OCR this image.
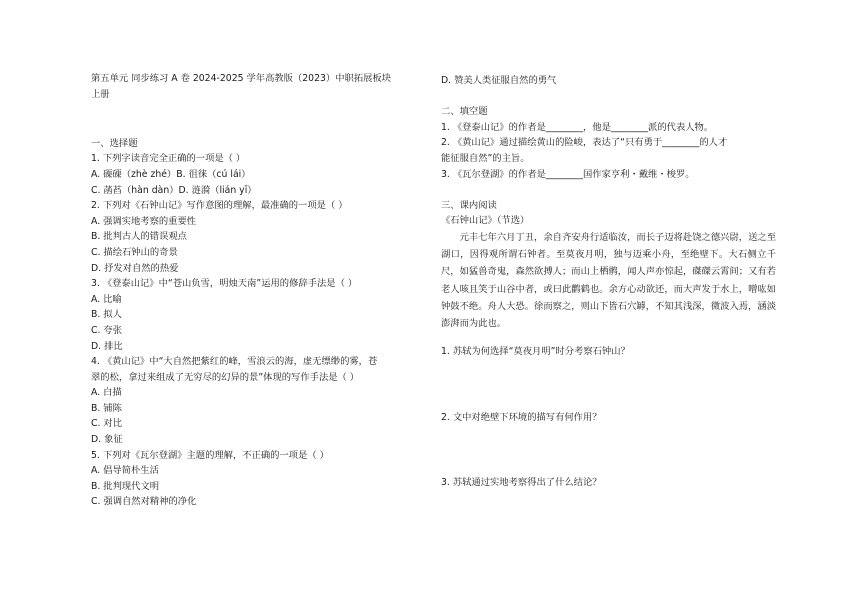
第五单元 同步练习 A 卷 2024-2025 学年高教版（2023）中职拓展板块
上册
一、选择题
1. 下列字读音完全正确的一项是（ ）
A. 磲磲（zhè zhé）B. 徂徕（cú lái）
C. 菡萏（hàn dàn）D. 涟漪（lián yī）
2. 下列对《石钟山记》写作意图的理解，最准确的一项是（ ）
A. 强调实地考察的重要性
B. 批判古人的错误观点
C. 描绘石钟山的奇景
D. 抒发对自然的热爱
3. 《登泰山记》中“苍山负雪，明烛天南”运用的修辞手法是（ ）
A. 比喻
B. 拟人
C. 夸张
D. 排比
4. 《黄山记》中“大自然把紫红的峰，雪浪云的海，虚无缥缈的雾，苍
翠的松，拿过来组成了无穷尽的幻异的景”体现的写作手法是（ ）
A. 白描
B. 铺陈
C. 对比
D. 象征
5. 下列对《瓦尔登湖》主题的理解，不正确的一项是（ ）
A. 倡导简朴生活
B. 批判现代文明
C. 强调自然对精神的净化
D. 赞美人类征服自然的勇气
二、填空题
1. 《登泰山记》的作者是________，他是________派的代表人物。
2. 《黄山记》通过描绘黄山的险峻，表达了“只有勇于________的人才
能征服自然”的主旨。
3. 《瓦尔登湖》的作者是________国作家亨利・戴维・梭罗。
三、课内阅读
《石钟山记》（节选）
元丰七年六月丁丑，余自齐安舟行适临汝，而长子迈将赴饶之德兴尉，送之至湖口，因得观所谓石钟者。至莫夜月明，独与迈乘小舟，至绝壁下。大石侧立千尺，如猛兽奇鬼，森然欲搏人；而山上栖鹘，闻人声亦惊起，磔磔云霄间；又有若老人咳且笑于山谷中者，或曰此鹳鹤也。余方心动欲还，而大声发于水上，噌吰如钟鼓不绝。舟人大恐。徐而察之，则山下皆石穴罅，不知其浅深，微波入焉，涵淡澎湃而为此也。
1. 苏轼为何选择“莫夜月明”时分考察石钟山？
2. 文中对绝壁下环境的描写有何作用？
3. 苏轼通过实地考察得出了什么结论？
